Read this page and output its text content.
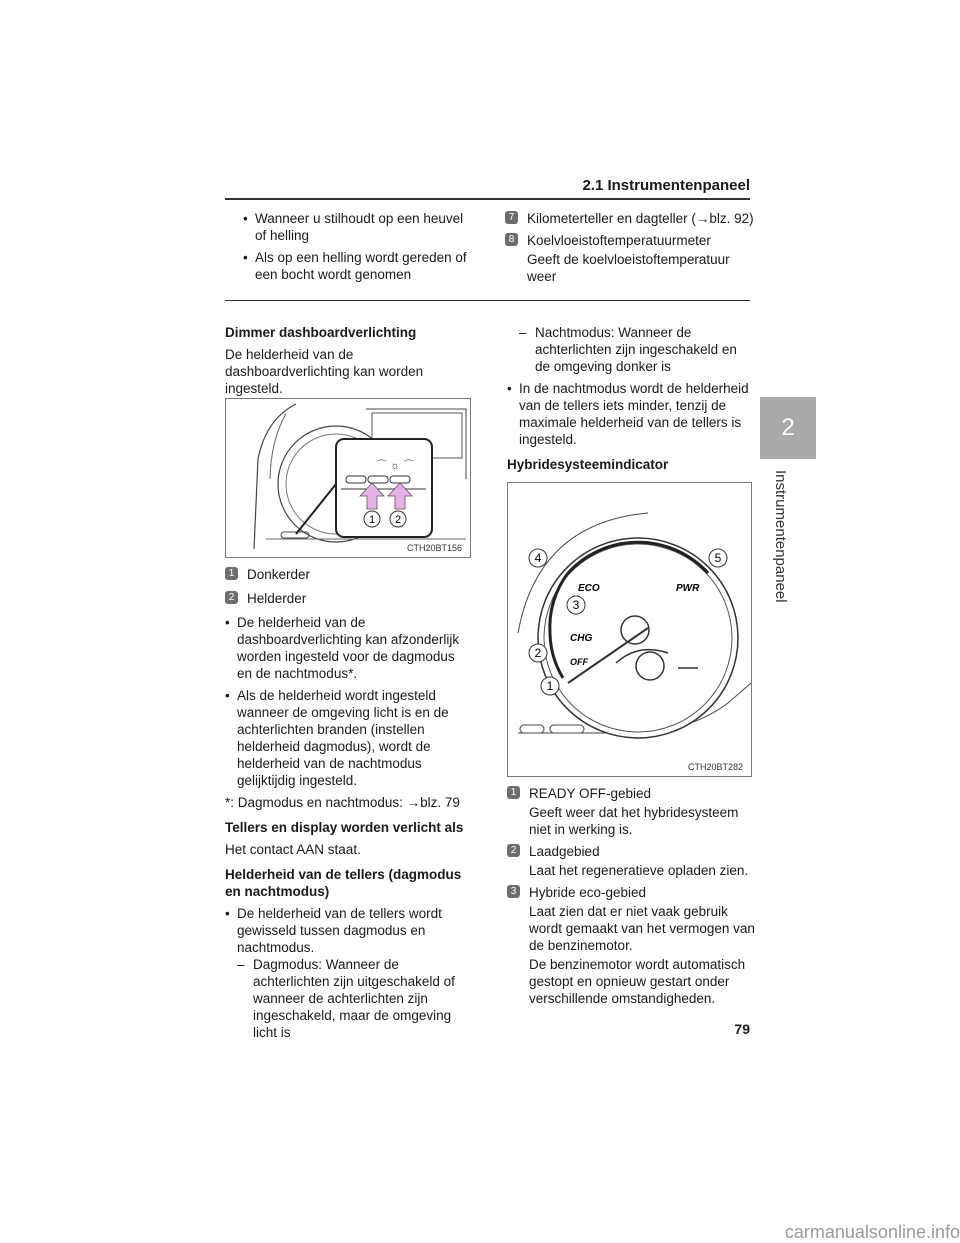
2.1 Instrumentenpaneel
2
Instrumentenpaneel

• Wanneer u stilhoudt op een heuvel of helling

• Als op een helling wordt gereden of een bocht wordt genomen

7 Kilometerteller en dagteller (→blz. 92)

8 Koelvloeistoftemperatuurmeter

Geeft de koelvloeistoftemperatuur weer

Dimmer dashboardverlichting

De helderheid van de dashboardverlichting kan worden ingesteld.

⌒ ☼ ⌒
1 2
CTH20BT156

1 Donkerder

2 Helderder

• De helderheid van de dashboardverlichting kan afzonderlijk worden ingesteld voor de dagmodus en de nachtmodus*.

• Als de helderheid wordt ingesteld wanneer de omgeving licht is en de achterlichten branden (instellen helderheid dagmodus), wordt de helderheid van de nachtmodus gelijktijdig ingesteld.

*: Dagmodus en nachtmodus: →blz. 79

Tellers en display worden verlicht als

Het contact AAN staat.

Helderheid van de tellers (dagmodus en nachtmodus)

• De helderheid van de tellers wordt gewisseld tussen dagmodus en nachtmodus.

– Dagmodus: Wanneer de achterlichten zijn uitgeschakeld of wanneer de achterlichten zijn ingeschakeld, maar de omgeving licht is

– Nachtmodus: Wanneer de achterlichten zijn ingeschakeld en de omgeving donker is

• In de nachtmodus wordt de helderheid van de tellers iets minder, tenzij de maximale helderheid van de tellers is ingesteld.

Hybridesysteemindicator

ECO	PWR
CHG
OFF
1
2
3
4	5
CTH20BT282

1 READY OFF-gebied

Geeft weer dat het hybridesysteem niet in werking is.

2 Laadgebied

Laat het regeneratieve opladen zien.

3 Hybride eco-gebied

Laat zien dat er niet vaak gebruik wordt gemaakt van het vermogen van de benzinemotor.

De benzinemotor wordt automatisch gestopt en opnieuw gestart onder verschillende omstandigheden.

79
carmanualsonline.info
